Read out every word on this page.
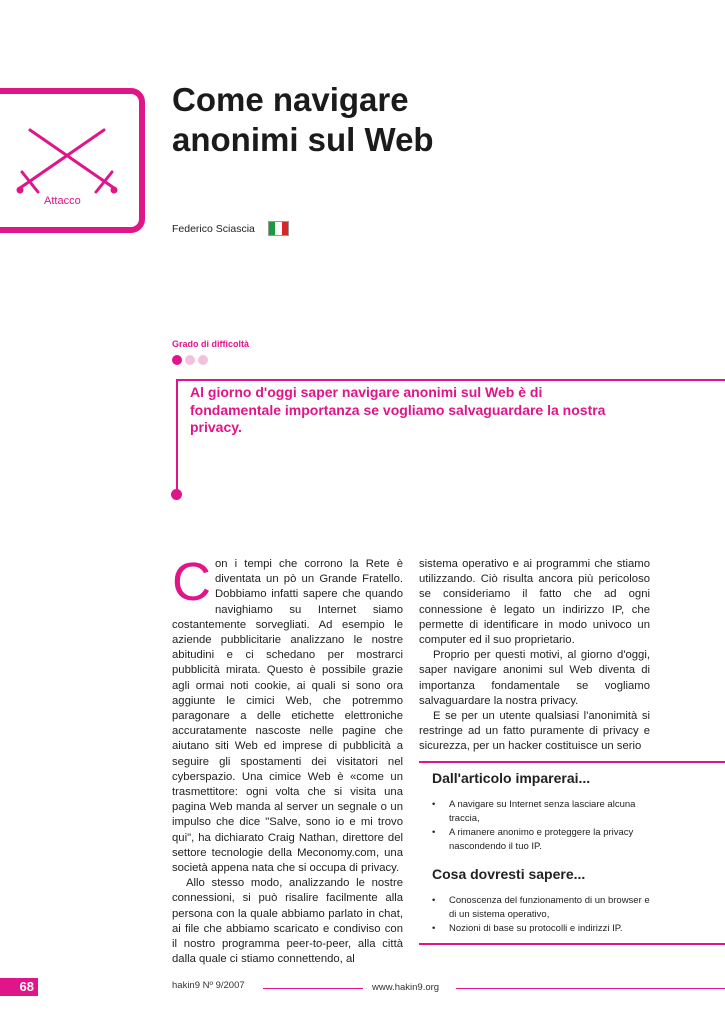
Attacco
Come navigare
anonimi sul Web
Federico Sciascia
Grado di difficoltà

Al giorno d'oggi saper navigare anonimi sul Web è di fondamentale importanza se vogliamo salvaguardare la nostra privacy.

Con i tempi che corrono la Rete è diventata un pò un Grande Fratello. Dobbiamo infatti sapere che quando navighiamo su Internet siamo costantemente sorvegliati. Ad esempio le aziende pubblicitarie analizzano le nostre abitudini e ci schedano per mostrarci pubblicità mirata. Questo è possibile grazie agli ormai noti cookie, ai quali si sono ora aggiunte le cimici Web, che potremmo paragonare a delle etichette elettroniche accuratamente nascoste nelle pagine che aiutano siti Web ed imprese di pubblicità a seguire gli spostamenti dei visitatori nel cyberspazio. Una cimice Web è «come un trasmettitore: ogni volta che si visita una pagina Web manda al server un segnale o un impulso che dice "Salve, sono io e mi trovo qui", ha dichiarato Craig Nathan, direttore del settore tecnologie della Meconomy.com, una società appena nata che si occupa di privacy.

Allo stesso modo, analizzando le nostre connessioni, si può risalire facilmente alla persona con la quale abbiamo parlato in chat, ai file che abbiamo scaricato e condiviso con il nostro programma peer-to-peer, alla città dalla quale ci stiamo connettendo, al

sistema operativo e ai programmi che stiamo utilizzando. Ciò risulta ancora più pericoloso se consideriamo il fatto che ad ogni connessione è legato un indirizzo IP, che permette di identificare in modo univoco un computer ed il suo proprietario.

Proprio per questi motivi, al giorno d'oggi, saper navigare anonimi sul Web diventa di importanza fondamentale se vogliamo salvaguardare la nostra privacy.

E se per un utente qualsiasi l'anonimità si restringe ad un fatto puramente di privacy e sicurezza, per un hacker costituisce un serio

Dall'articolo imparerai...
• A navigare su Internet senza lasciare alcuna traccia,
• A rimanere anonimo e proteggere la privacy nascondendo il tuo IP.
Cosa dovresti sapere...
• Conoscenza del funzionamento di un browser e di un sistema operativo,
• Nozioni di base su protocolli e indirizzi IP.
68	hakin9 Nº 9/2007	www.hakin9.org
